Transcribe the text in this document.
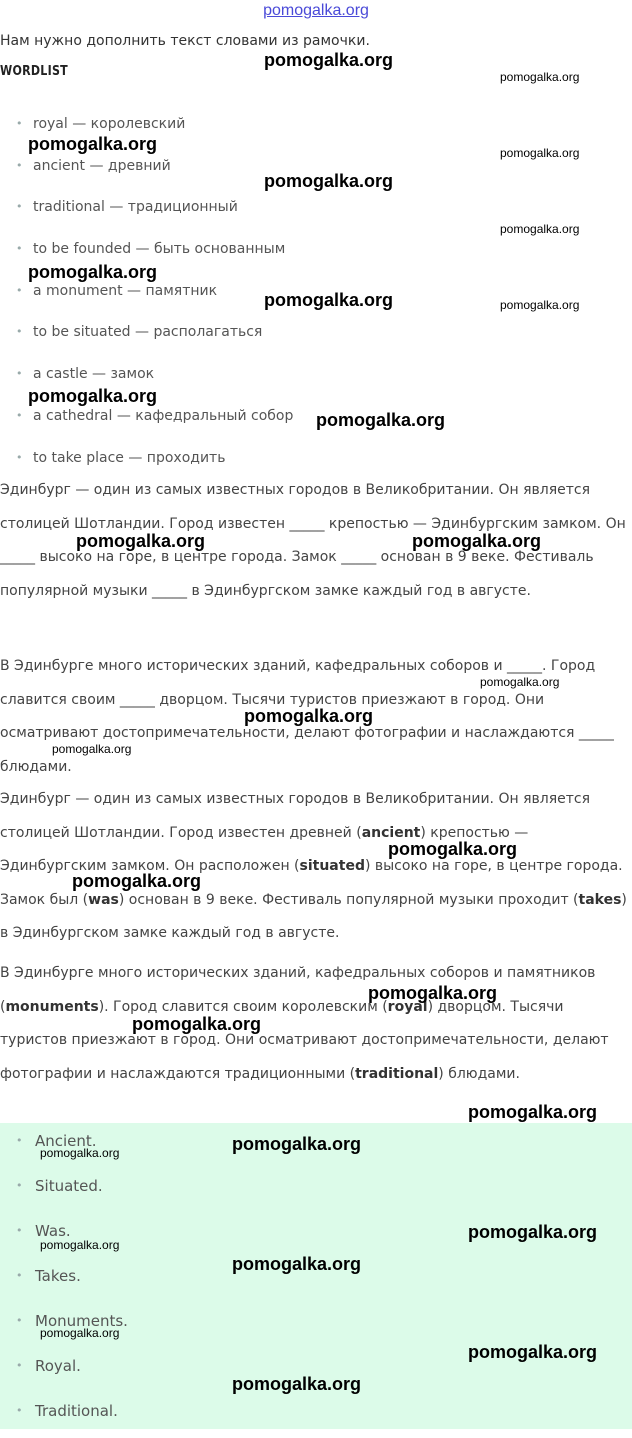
pomogalka.org
Нам нужно дополнить текст словами из рамочки.
WORDLIST
• royal — королевский
• ancient — древний
• traditional — традиционный
• to be founded — быть основанным
• a monument — памятник
• to be situated — располагаться
• a castle — замок
• a cathedral — кафедральный собор
• to take place — проходить

Эдинбург — один из самых известных городов в Великобритании. Он является столицей Шотландии. Город известен _____ крепостью — Эдинбургским замком. Он _____ высоко на горе, в центре города. Замок _____ основан в 9 веке. Фестиваль популярной музыки _____ в Эдинбургском замке каждый год в августе.

В Эдинбурге много исторических зданий, кафедральных соборов и _____. Город славится своим _____ дворцом. Тысячи туристов приезжают в город. Они осматривают достопримечательности, делают фотографии и наслаждаются _____ блюдами.

Эдинбург — один из самых известных городов в Великобритании. Он является столицей Шотландии. Город известен древней (ancient) крепостью — Эдинбургским замком. Он расположен (situated) высоко на горе, в центре города. Замок был (was) основан в 9 веке. Фестиваль популярной музыки проходит (takes) в Эдинбургском замке каждый год в августе.

В Эдинбурге много исторических зданий, кафедральных соборов и памятников (monuments). Город славится своим королевским (royal) дворцом. Тысячи туристов приезжают в город. Они осматривают достопримечательности, делают фотографии и наслаждаются традиционными (traditional) блюдами.

• Ancient.
• Situated.
• Was.
• Takes.
• Monuments.
• Royal.
• Traditional.
pomogalka.org
pomogalka.org
pomogalka.org	pomogalka.org
pomogalka.org
pomogalka.org
pomogalka.org
pomogalka.org	pomogalka.org
pomogalka.org
pomogalka.org
pomogalka.org	pomogalka.org
pomogalka.org
pomogalka.org
pomogalka.org
pomogalka.org
pomogalka.org
pomogalka.org
pomogalka.org
pomogalka.org
pomogalka.org
pomogalka.org
pomogalka.org
pomogalka.org
pomogalka.org
pomogalka.org
pomogalka.org
pomogalka.org
